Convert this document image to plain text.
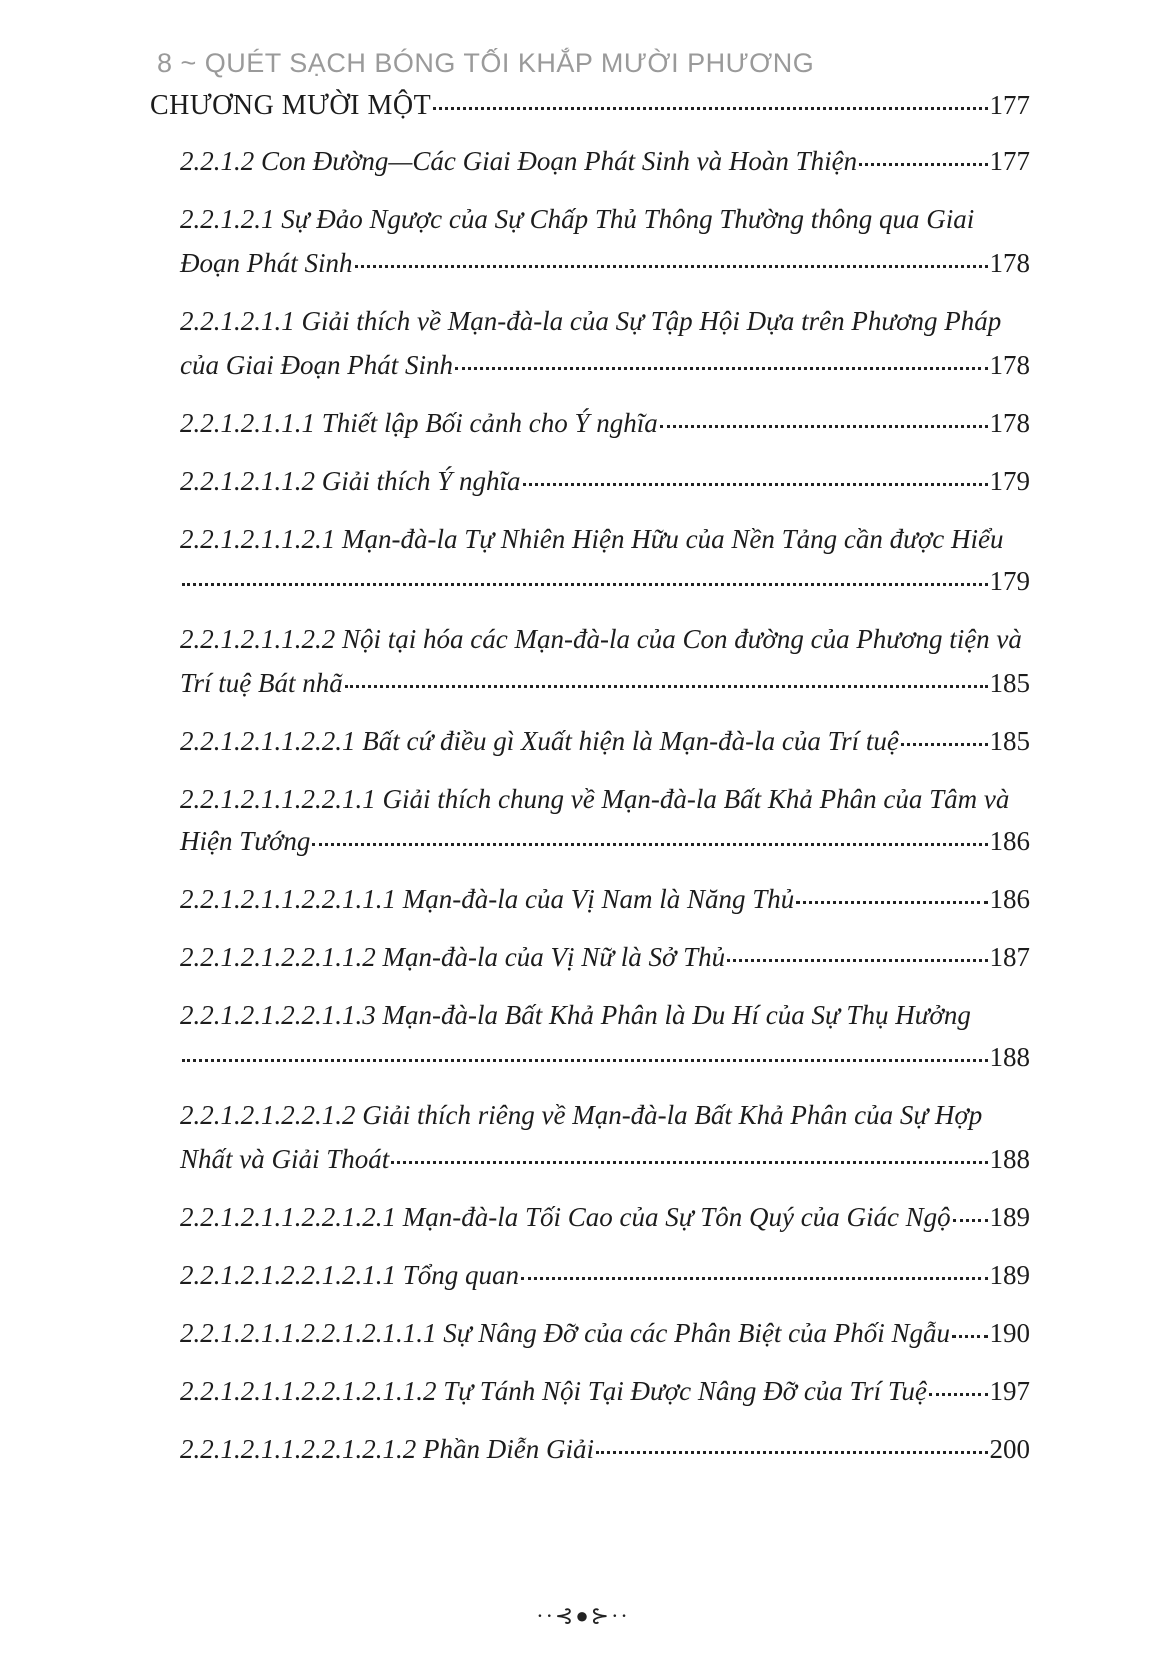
8 ~ QUÉT SẠCH BÓNG TỐI KHẮP MƯỜI PHƯƠNG
CHƯƠNG MƯỜI MỘT	177
2.2.1.2 Con Đường—Các Giai Đoạn Phát Sinh và Hoàn Thiện	177
2.2.1.2.1 Sự Đảo Ngược của Sự Chấp Thủ Thông Thường thông qua Giai
Đoạn Phát Sinh	178
2.2.1.2.1.1 Giải thích về Mạn-đà-la của Sự Tập Hội Dựa trên Phương Pháp
của Giai Đoạn Phát Sinh	178
2.2.1.2.1.1.1 Thiết lập Bối cảnh cho Ý nghĩa	178
2.2.1.2.1.1.2 Giải thích Ý nghĩa	179
2.2.1.2.1.1.2.1 Mạn-đà-la Tự Nhiên Hiện Hữu của Nền Tảng cần được Hiểu
179
2.2.1.2.1.1.2.2 Nội tại hóa các Mạn-đà-la của Con đường của Phương tiện và
Trí tuệ Bát nhã	185
2.2.1.2.1.1.2.2.1 Bất cứ điều gì Xuất hiện là Mạn-đà-la của Trí tuệ	185
2.2.1.2.1.1.2.2.1.1 Giải thích chung về Mạn-đà-la Bất Khả Phân của Tâm và
Hiện Tướng	186
2.2.1.2.1.1.2.2.1.1.1 Mạn-đà-la của Vị Nam là Năng Thủ	186
2.2.1.2.1.2.2.1.1.2 Mạn-đà-la của Vị Nữ là Sở Thủ	187
2.2.1.2.1.2.2.1.1.3 Mạn-đà-la Bất Khả Phân là Du Hí của Sự Thụ Hưởng
188
2.2.1.2.1.2.2.1.2 Giải thích riêng về Mạn-đà-la Bất Khả Phân của Sự Hợp
Nhất và Giải Thoát	188
2.2.1.2.1.1.2.2.1.2.1 Mạn-đà-la Tối Cao của Sự Tôn Quý của Giác Ngộ 189
2.2.1.2.1.2.2.1.2.1.1 Tổng quan	189
2.2.1.2.1.1.2.2.1.2.1.1.1 Sự Nâng Đỡ của các Phân Biệt của Phối Ngẫu 190
2.2.1.2.1.1.2.2.1.2.1.1.2 Tự Tánh Nội Tại Được Nâng Đỡ của Trí Tuệ 197
2.2.1.2.1.1.2.2.1.2.1.2 Phần Diễn Giải	200
··⊰●⊱··
